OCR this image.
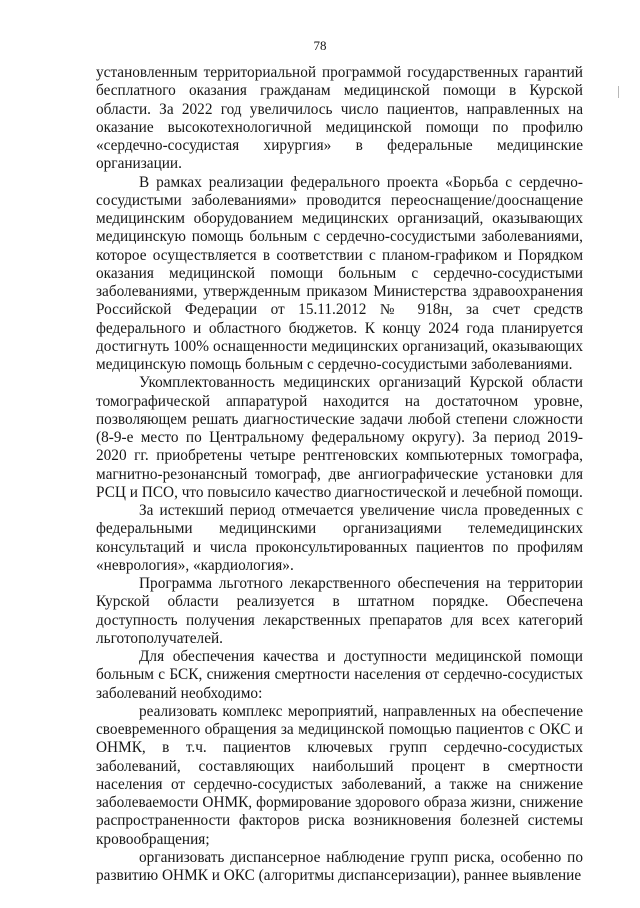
78

установленным территориальной программой государственных гарантий бесплатного оказания гражданам медицинской помощи в Курской области. За 2022 год увеличилось число пациентов, направленных на оказание высокотехнологичной медицинской помощи по профилю «сердечно-сосудистая хирургия» в федеральные медицинские организации.

В рамках реализации федерального проекта «Борьба с сердечно-сосудистыми заболеваниями» проводится переоснащение/дооснащение медицинским оборудованием медицинских организаций, оказывающих медицинскую помощь больным с сердечно-сосудистыми заболеваниями, которое осуществляется в соответствии с планом-графиком и Порядком оказания медицинской помощи больным с сердечно-сосудистыми заболеваниями, утвержденным приказом Министерства здравоохранения Российской Федерации от 15.11.2012 № 918н, за счет средств федерального и областного бюджетов. К концу 2024 года планируется достигнуть 100% оснащенности медицинских организаций, оказывающих медицинскую помощь больным с сердечно-сосудистыми заболеваниями.

Укомплектованность медицинских организаций Курской области томографической аппаратурой находится на достаточном уровне, позволяющем решать диагностические задачи любой степени сложности (8-9-е место по Центральному федеральному округу). За период 2019-2020 гг. приобретены четыре рентгеновских компьютерных томографа, магнитно-резонансный томограф, две ангиографические установки для РСЦ и ПСО, что повысило качество диагностической и лечебной помощи.

За истекший период отмечается увеличение числа проведенных с федеральными медицинскими организациями телемедицинских консультаций и числа проконсультированных пациентов по профилям «неврология», «кардиология».

Программа льготного лекарственного обеспечения на территории Курской области реализуется в штатном порядке. Обеспечена доступность получения лекарственных препаратов для всех категорий льготополучателей.

Для обеспечения качества и доступности медицинской помощи больным с БСК, снижения смертности населения от сердечно-сосудистых заболеваний необходимо:

реализовать комплекс мероприятий, направленных на обеспечение своевременного обращения за медицинской помощью пациентов с ОКС и ОНМК, в т.ч. пациентов ключевых групп сердечно-сосудистых заболеваний, составляющих наибольший процент в смертности населения от сердечно-сосудистых заболеваний, а также на снижение заболеваемости ОНМК, формирование здорового образа жизни, снижение распространенности факторов риска возникновения болезней системы кровообращения;

организовать диспансерное наблюдение групп риска, особенно по развитию ОНМК и ОКС (алгоритмы диспансеризации), раннее выявление
